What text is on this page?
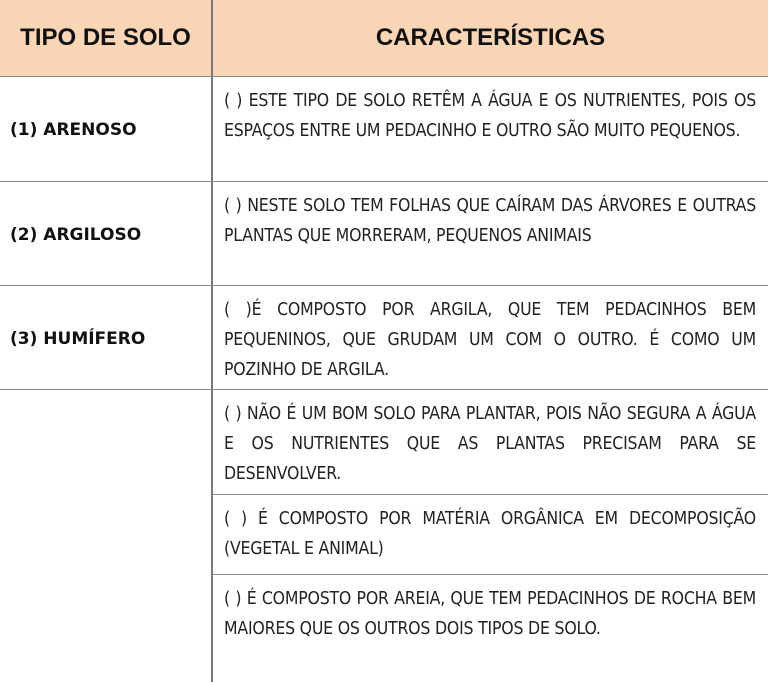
TIPO DE SOLO	CARACTERÍSTICAS
(1) ARENOSO
(2) ARGILOSO
(3) HUMÍFERO
( ) ESTE TIPO DE SOLO RETÊM A ÁGUA E OS NUTRIENTES, POIS OS ESPAÇOS ENTRE UM PEDACINHO E OUTRO SÃO MUITO PEQUENOS.
( ) NESTE SOLO TEM FOLHAS QUE CAÍRAM DAS ÁRVORES E OUTRAS PLANTAS QUE MORRERAM, PEQUENOS ANIMAIS
( )É COMPOSTO POR ARGILA, QUE TEM PEDACINHOS BEM PEQUENINOS, QUE GRUDAM UM COM O OUTRO. É COMO UM POZINHO DE ARGILA.
( ) NÃO É UM BOM SOLO PARA PLANTAR, POIS NÃO SEGURA A ÁGUA E OS NUTRIENTES QUE AS PLANTAS PRECISAM PARA SE DESENVOLVER.
( ) É COMPOSTO POR MATÉRIA ORGÂNICA EM DECOMPOSIÇÃO (VEGETAL E ANIMAL)
( ) É COMPOSTO POR AREIA, QUE TEM PEDACINHOS DE ROCHA BEM MAIORES QUE OS OUTROS DOIS TIPOS DE SOLO.
